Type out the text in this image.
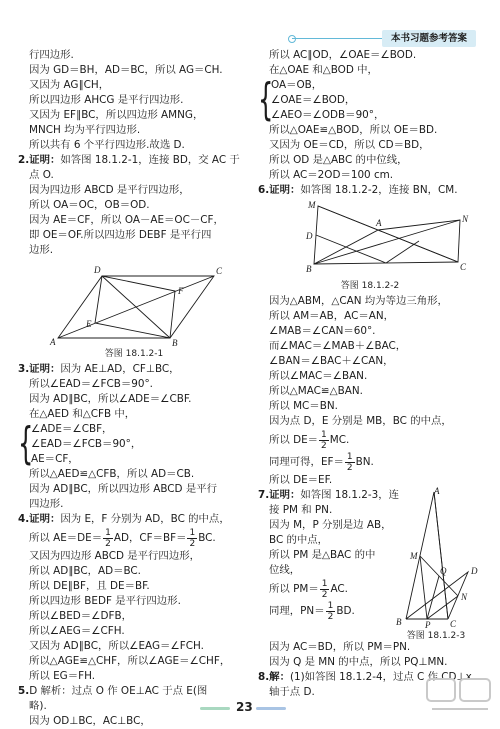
本书习题参考答案
行四边形.
因为 GD＝BH，AD＝BC，所以 AG＝CH.
又因为 AG∥CH，
所以四边形 AHCG 是平行四边形.
又因为 EF∥BC，所以四边形 AMNG，
MNCH 均为平行四边形.
所以共有 6 个平行四边形.故选 D.
2.证明：如答图 18.1.2-1，连接 BD，交 AC 于
点 O.
因为四边形 ABCD 是平行四边形，
所以 OA＝OC，OB＝OD.
因为 AE＝CF，所以 OA－AE＝OC－CF，
即 OE＝OF.所以四边形 DEBF 是平行四
边形.
D	C
A	B
E
F
答图 18.1.2-1
3.证明：因为 AE⊥AD，CF⊥BC，
所以∠EAD＝∠FCB＝90°.
因为 AD∥BC，所以∠ADE＝∠CBF.
在△AED 和△CFB 中，
{
∠ADE＝∠CBF，
∠EAD＝∠FCB＝90°，
AE＝CF，
所以△AED≌△CFB，所以 AD＝CB.
因为 AD∥BC，所以四边形 ABCD 是平行
四边形.
4.证明：因为 E，F 分别为 AD，BC 的中点，
所以 $AE=DE= \frac{1}{2}$ AD，$CF=BF= \frac{1}{2}$ BC.
又因为四边形 ABCD 是平行四边形，
所以 AD∥BC，AD＝BC.
所以 DE∥BF，且 DE＝BF.
所以四边形 BEDF 是平行四边形.
所以∠BED＝∠DFB，
所以∠AEG＝∠CFH.
又因为 AD∥BC，所以∠EAG＝∠FCH.
所以△AGE≌△CHF，所以∠AGE＝∠CHF，
所以 EG＝FH.
5.D 解析：过点 O 作 OE⊥AC 于点 E(图
略).
因为 OD⊥BC，AC⊥BC，
所以 AC∥OD，∠OAE＝∠BOD.
在△OAE 和△BOD 中，
{
OA＝OB，
∠OAE＝∠BOD，
∠AEO＝∠ODB＝90°，
所以△OAE≌△BOD，所以 OE＝BD.
又因为 OE＝CD，所以 CD＝BD，
所以 OD 是△ABC 的中位线，
所以 AC＝2OD＝100 cm.
6.证明：如答图 18.1.2-2，连接 BN，CM.
M
A	N
D
B	C
答图 18.1.2-2
因为△ABM，△CAN 均为等边三角形，
所以 AM＝AB，AC＝AN，
∠MAB＝∠CAN＝60°.
而∠MAC＝∠MAB＋∠BAC，
∠BAN＝∠BAC＋∠CAN，
所以∠MAC＝∠BAN.
所以△MAC≌△BAN.
所以 MC＝BN.
因为点 D，E 分别是 MB，BC 的中点，
所以 $DE= \frac{1}{2}$ MC.
同理可得，$EF= \frac{1}{2}$ BN.
所以 DE＝EF.
7.证明：如答图 18.1.2-3，连
接 PM 和 PN.
因为 M，P 分别是边 AB，
BC 的中点，
所以 PM 是△BAC 的中
位线，
所以 $PM= \frac{1}{2}$ AC.
同理，$PN= \frac{1}{2}$ BD.
A
D
M
Q
N
B	P C
答图 18.1.2-3
因为 AC＝BD，所以 PM＝PN.
因为 Q 是 MN 的中点，所以 PQ⊥MN.
8.解：(1)如答图 18.1.2-4，过点 C 作 CD⊥x
轴于点 D.
23
